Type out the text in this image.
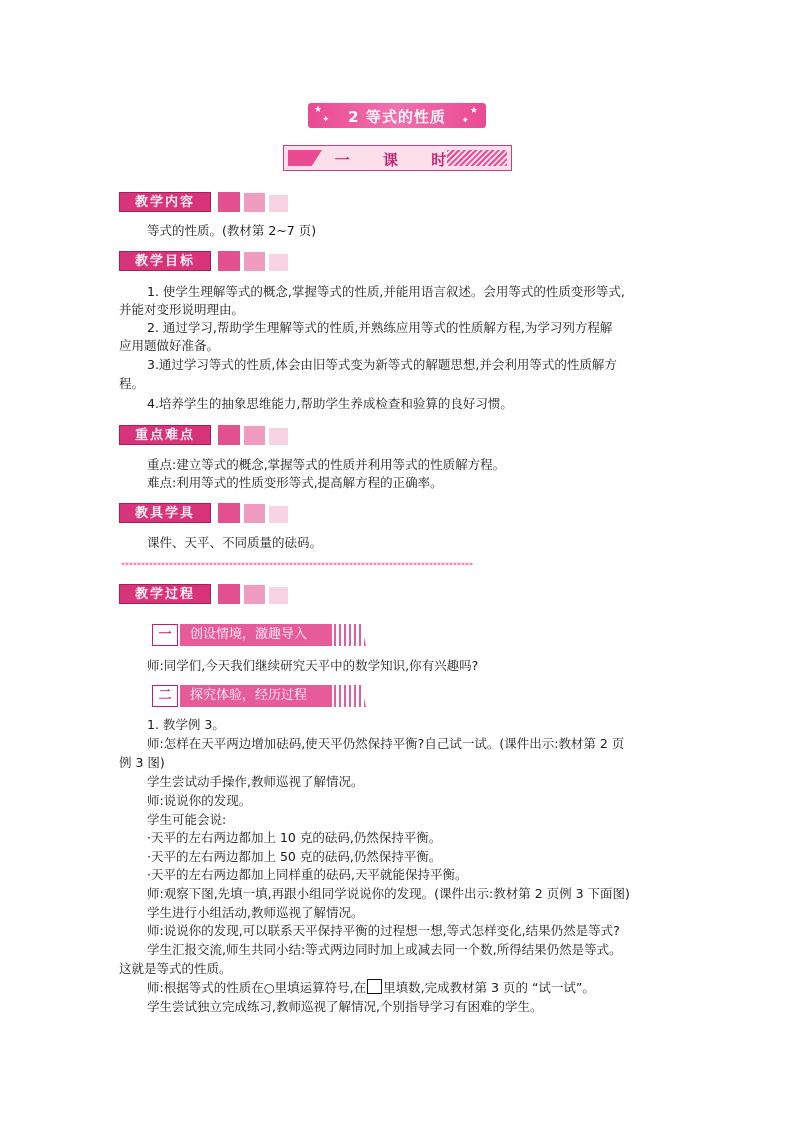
★
✦
★
✦
2 等式的性质
一 课 时
教学内容
等式的性质。(教材第 2~7 页)
教学目标
1. 使学生理解等式的概念,掌握等式的性质,并能用语言叙述。会用等式的性质变形等式,
并能对变形说明理由。
2. 通过学习,帮助学生理解等式的性质,并熟练应用等式的性质解方程,为学习列方程解
应用题做好准备。
3.通过学习等式的性质,体会由旧等式变为新等式的解题思想,并会利用等式的性质解方
程。
4.培养学生的抽象思维能力,帮助学生养成检查和验算的良好习惯。
重点难点
重点:建立等式的概念,掌握等式的性质并利用等式的性质解方程。
难点:利用等式的性质变形等式,提高解方程的正确率。
教具学具
课件、天平、不同质量的砝码。
****************************************************************************************
教学过程
一	创设情境，激趣导入
师:同学们,今天我们继续研究天平中的数学知识,你有兴趣吗?
二	探究体验，经历过程
1. 教学例 3。
师:怎样在天平两边增加砝码,使天平仍然保持平衡?自己试一试。(课件出示:教材第 2 页
例 3 图)
学生尝试动手操作,教师巡视了解情况。
师:说说你的发现。
学生可能会说:
·天平的左右两边都加上 10 克的砝码,仍然保持平衡。
·天平的左右两边都加上 50 克的砝码,仍然保持平衡。
·天平的左右两边都加上同样重的砝码,天平就能保持平衡。
师:观察下图,先填一填,再跟小组同学说说你的发现。(课件出示:教材第 2 页例 3 下面图)
学生进行小组活动,教师巡视了解情况。
师:说说你的发现,可以联系天平保持平衡的过程想一想,等式怎样变化,结果仍然是等式?
学生汇报交流,师生共同小结:等式两边同时加上或减去同一个数,所得结果仍然是等式。
这就是等式的性质。
师:根据等式的性质在○里填运算符号,在 里填数,完成教材第 3 页的 “试一试”。
学生尝试独立完成练习,教师巡视了解情况,个别指导学习有困难的学生。
